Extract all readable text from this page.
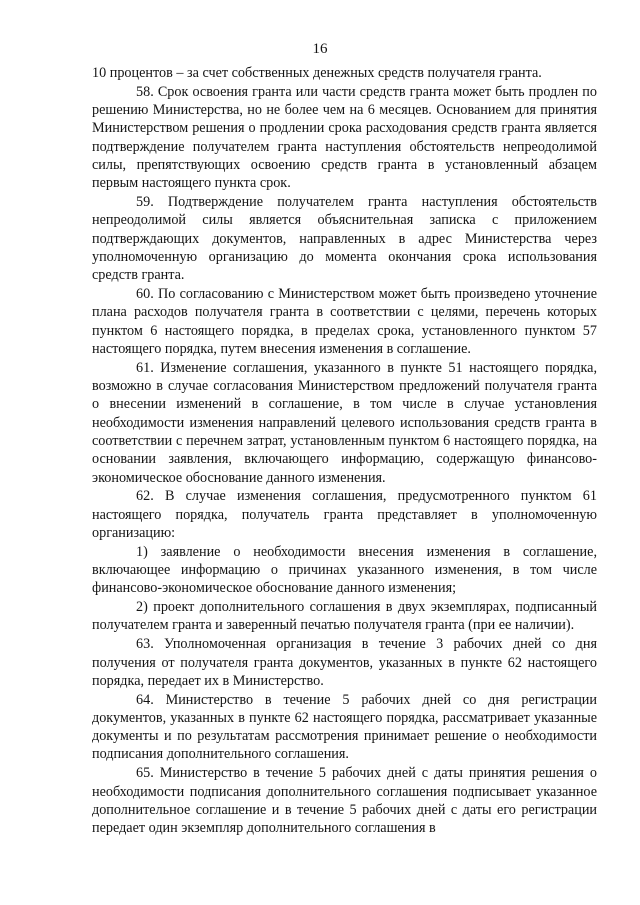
16

10 процентов – за счет собственных денежных средств получателя гранта.

58. Срок освоения гранта или части средств гранта может быть продлен по решению Министерства, но не более чем на 6 месяцев. Основанием для принятия Министерством решения о продлении срока расходования средств гранта является подтверждение получателем гранта наступления обстоятельств непреодолимой силы, препятствующих освоению средств гранта в установленный абзацем первым настоящего пункта срок.

59. Подтверждение получателем гранта наступления обстоятельств непреодолимой силы является объяснительная записка с приложением подтверждающих документов, направленных в адрес Министерства через уполномоченную организацию до момента окончания срока использования средств гранта.

60. По согласованию с Министерством может быть произведено уточнение плана расходов получателя гранта в соответствии с целями, перечень которых пунктом 6 настоящего порядка, в пределах срока, установленного пунктом 57 настоящего порядка, путем внесения изменения в соглашение.

61. Изменение соглашения, указанного в пункте 51 настоящего порядка, возможно в случае согласования Министерством предложений получателя гранта о внесении изменений в соглашение, в том числе в случае установления необходимости изменения направлений целевого использования средств гранта в соответствии с перечнем затрат, установленным пунктом 6 настоящего порядка, на основании заявления, включающего информацию, содержащую финансово-экономическое обоснование данного изменения.

62. В случае изменения соглашения, предусмотренного пунктом 61 настоящего порядка, получатель гранта представляет в уполномоченную организацию:

1) заявление о необходимости внесения изменения в соглашение, включающее информацию о причинах указанного изменения, в том числе финансово-экономическое обоснование данного изменения;

2) проект дополнительного соглашения в двух экземплярах, подписанный получателем гранта и заверенный печатью получателя гранта (при ее наличии).

63. Уполномоченная организация в течение 3 рабочих дней со дня получения от получателя гранта документов, указанных в пункте 62 настоящего порядка, передает их в Министерство.

64. Министерство в течение 5 рабочих дней со дня регистрации документов, указанных в пункте 62 настоящего порядка, рассматривает указанные документы и по результатам рассмотрения принимает решение о необходимости подписания дополнительного соглашения.

65. Министерство в течение 5 рабочих дней с даты принятия решения о необходимости подписания дополнительного соглашения подписывает указанное дополнительное соглашение и в течение 5 рабочих дней с даты его регистрации передает один экземпляр дополнительного соглашения в
